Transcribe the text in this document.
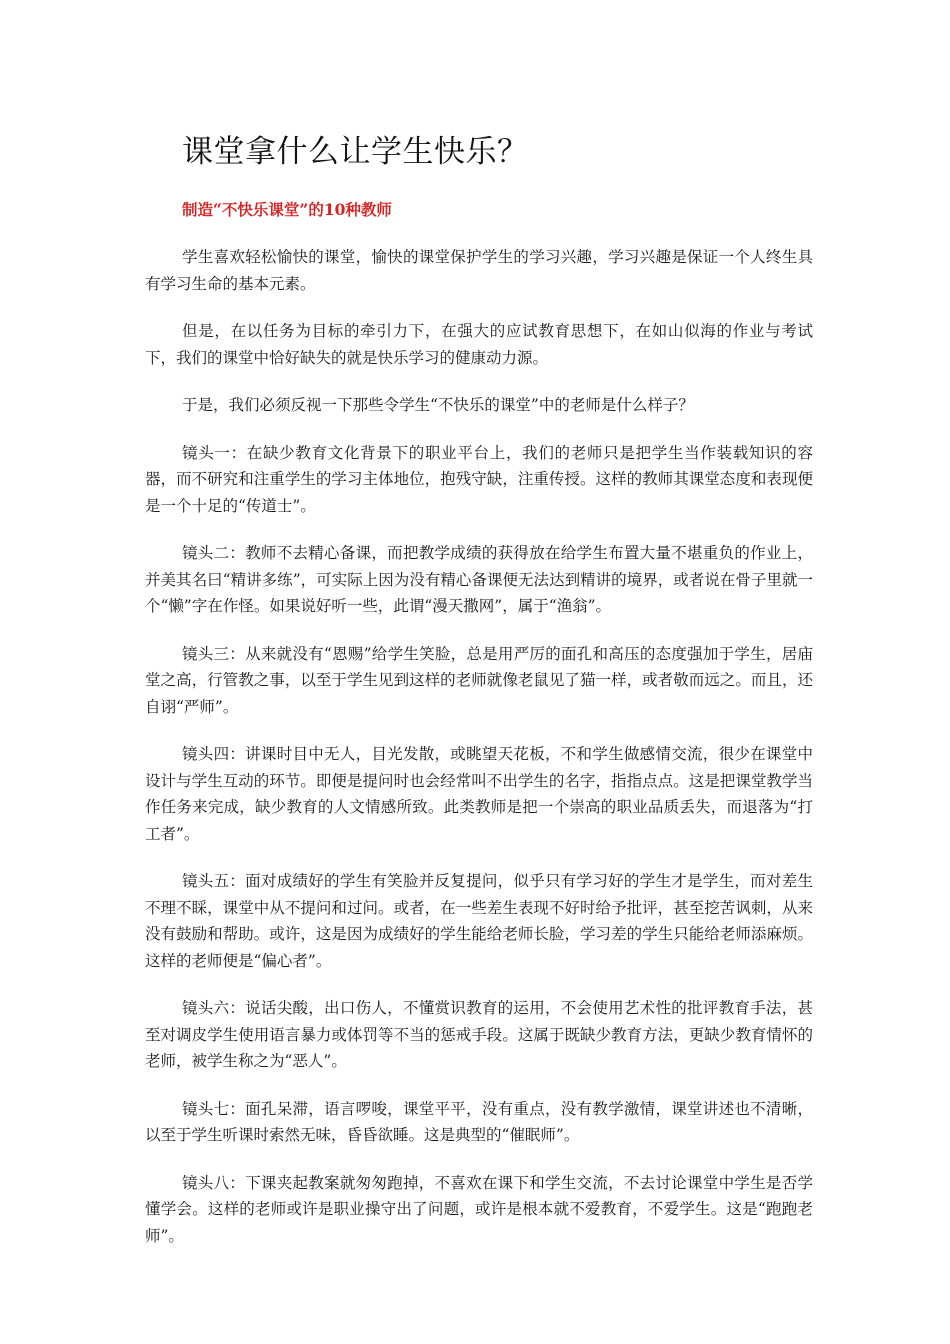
课堂拿什么让学生快乐？
制造“不快乐课堂”的10种教师

学生喜欢轻松愉快的课堂，愉快的课堂保护学生的学习兴趣，学习兴趣是保证一个人终生具有学习生命的基本元素。

但是，在以任务为目标的牵引力下，在强大的应试教育思想下，在如山似海的作业与考试下，我们的课堂中恰好缺失的就是快乐学习的健康动力源。

于是，我们必须反视一下那些令学生“不快乐的课堂”中的老师是什么样子？

镜头一：在缺少教育文化背景下的职业平台上，我们的老师只是把学生当作装载知识的容器，而不研究和注重学生的学习主体地位，抱残守缺，注重传授。这样的教师其课堂态度和表现便是一个十足的“传道士”。

镜头二：教师不去精心备课，而把教学成绩的获得放在给学生布置大量不堪重负的作业上，并美其名曰“精讲多练”，可实际上因为没有精心备课便无法达到精讲的境界，或者说在骨子里就一个“懒”字在作怪。如果说好听一些，此谓“漫天撒网”，属于“渔翁”。

镜头三：从来就没有“恩赐”给学生笑脸，总是用严厉的面孔和高压的态度强加于学生，居庙堂之高，行管教之事，以至于学生见到这样的老师就像老鼠见了猫一样，或者敬而远之。而且，还自诩“严师”。

镜头四：讲课时目中无人，目光发散，或眺望天花板，不和学生做感情交流，很少在课堂中设计与学生互动的环节。即便是提问时也会经常叫不出学生的名字，指指点点。这是把课堂教学当作任务来完成，缺少教育的人文情感所致。此类教师是把一个崇高的职业品质丢失，而退落为“打工者”。

镜头五：面对成绩好的学生有笑脸并反复提问，似乎只有学习好的学生才是学生，而对差生不理不睬，课堂中从不提问和过问。或者，在一些差生表现不好时给予批评，甚至挖苦讽刺，从来没有鼓励和帮助。或许，这是因为成绩好的学生能给老师长脸，学习差的学生只能给老师添麻烦。这样的老师便是“偏心者”。

镜头六：说话尖酸，出口伤人，不懂赏识教育的运用，不会使用艺术性的批评教育手法，甚至对调皮学生使用语言暴力或体罚等不当的惩戒手段。这属于既缺少教育方法，更缺少教育情怀的老师，被学生称之为“恶人”。

镜头七：面孔呆滞，语言啰唆，课堂平平，没有重点，没有教学激情，课堂讲述也不清晰，以至于学生听课时索然无味，昏昏欲睡。这是典型的“催眠师”。

镜头八：下课夹起教案就匆匆跑掉，不喜欢在课下和学生交流，不去讨论课堂中学生是否学懂学会。这样的老师或许是职业操守出了问题，或许是根本就不爱教育，不爱学生。这是“跑跑老师”。
